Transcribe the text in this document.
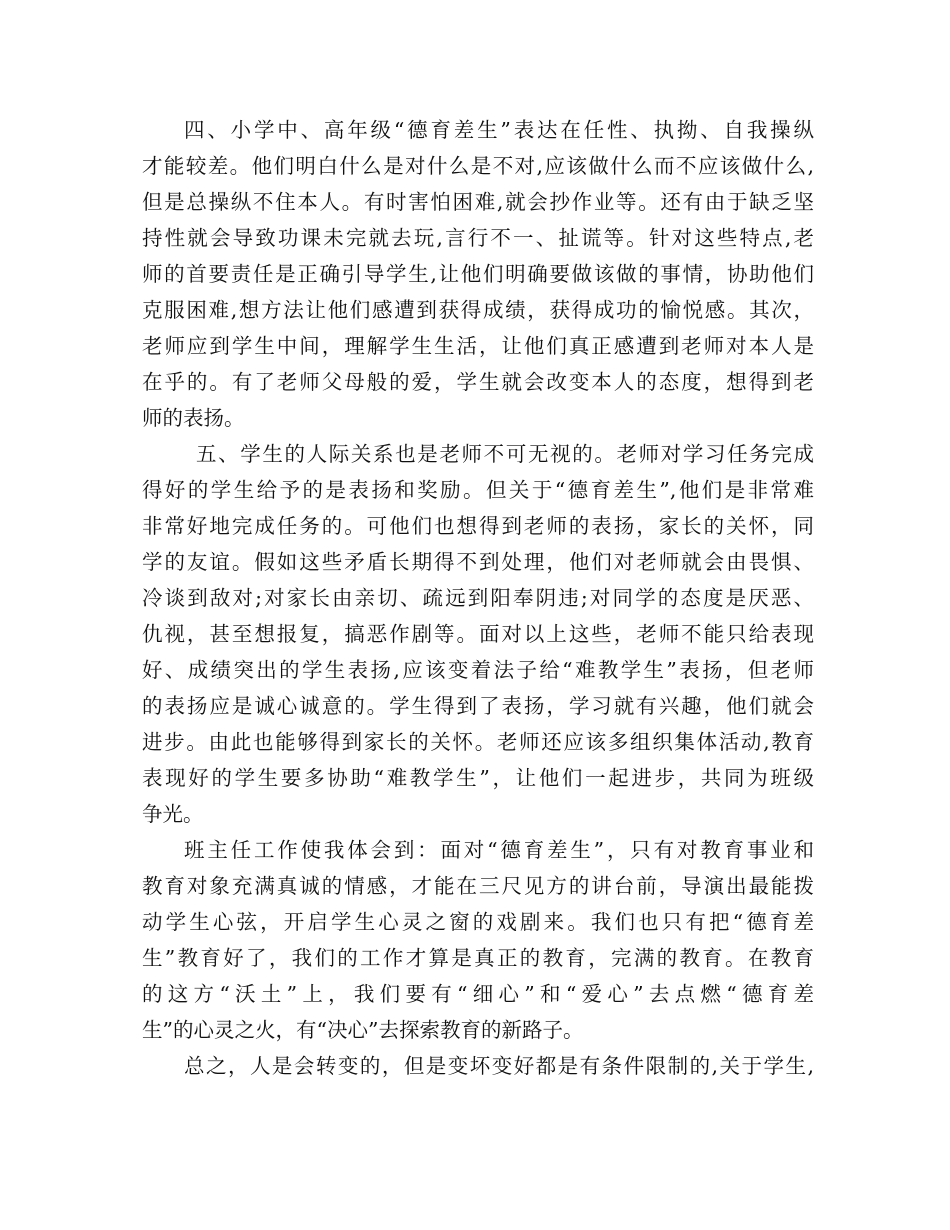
四、小学中、高年级“德育差生”表达在任性、执拗、自我操纵
才能较差。他们明白什么是对什么是不对,应该做什么而不应该做什么,
但是总操纵不住本人。有时害怕困难,就会抄作业等。还有由于缺乏坚
持性就会导致功课未完就去玩,言行不一、扯谎等。针对这些特点,老
师的首要责任是正确引导学生,让他们明确要做该做的事情，协助他们
克服困难,想方法让他们感遭到获得成绩，获得成功的愉悦感。其次，
老师应到学生中间，理解学生生活，让他们真正感遭到老师对本人是
在乎的。有了老师父母般的爱，学生就会改变本人的态度，想得到老
师的表扬。
五、学生的人际关系也是老师不可无视的。老师对学习任务完成
得好的学生给予的是表扬和奖励。但关于“德育差生”,他们是非常难
非常好地完成任务的。可他们也想得到老师的表扬，家长的关怀，同
学的友谊。假如这些矛盾长期得不到处理，他们对老师就会由畏惧、
冷谈到敌对;对家长由亲切、疏远到阳奉阴违;对同学的态度是厌恶、
仇视，甚至想报复，搞恶作剧等。面对以上这些，老师不能只给表现
好、成绩突出的学生表扬,应该变着法子给“难教学生”表扬，但老师
的表扬应是诚心诚意的。学生得到了表扬，学习就有兴趣，他们就会
进步。由此也能够得到家长的关怀。老师还应该多组织集体活动,教育
表现好的学生要多协助“难教学生”，让他们一起进步，共同为班级
争光。
班主任工作使我体会到：面对“德育差生”，只有对教育事业和
教育对象充满真诚的情感，才能在三尺见方的讲台前，导演出最能拨
动学生心弦，开启学生心灵之窗的戏剧来。我们也只有把“德育差
生”教育好了，我们的工作才算是真正的教育，完满的教育。在教育
的这方“沃土”上，我们要有“细心”和“爱心”去点燃“德育差
生”的心灵之火，有“决心”去探索教育的新路子。
总之，人是会转变的，但是变坏变好都是有条件限制的,关于学生,
